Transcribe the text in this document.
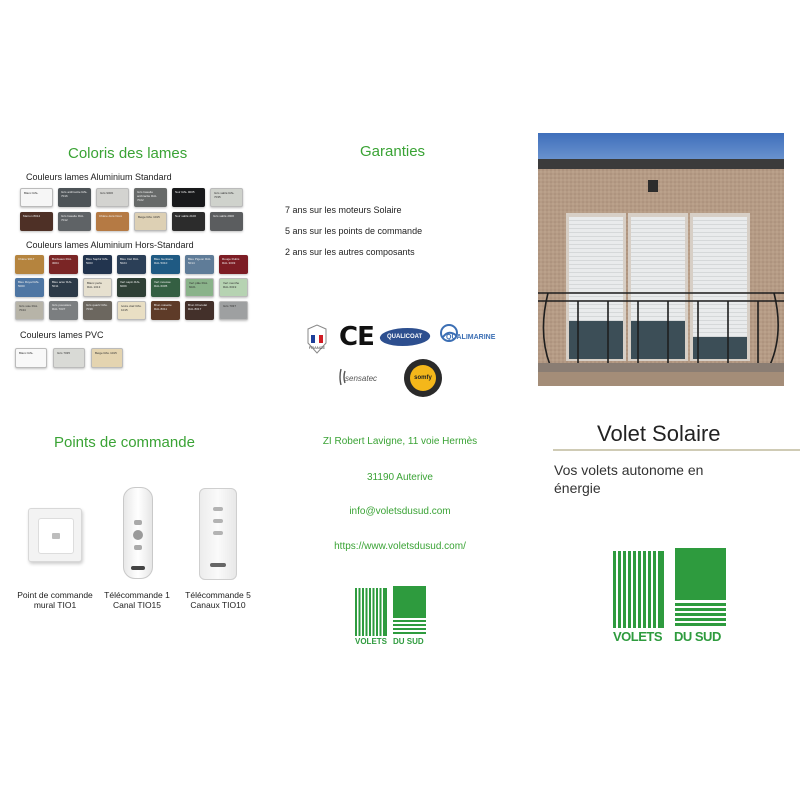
Coloris des lames
Couleurs lames Aluminium Standard
Blanc RAL	Gris anthracite RAL 7016
Gris 9006	Gris basalte anthracite RAL 7022
Noir RAL 9005	Gris sablé RAL 7035
Marron 8014	Gris basalte RAL 7012
Chêne doré Doré	Beige RAL 1015	Noir sablé 2100	Gris sablé 2900
Couleurs lames Aluminium Hors-Standard
Chêne 9017	Bordeaux RAL 3004
Bleu Saphir RAL 5003
Bleu Ciel RAL 5024
Bleu Gentiane RAL 5010
Bleu Pigeon RAL 5014
Rouge Rubis RAL 3003
Bleu Royal RAL 5000
Bleu acier RAL 5011
Blanc perle RAL 1013
Vert sapin RAL 6009
Vert mousse RAL 6005
Vert pâle RAL 6021
Vert menthe RAL 6019
Gris soie RAL 7044
Gris poussière RAL 7037
Gris quartz RAL 7039
Ivoire clair RAL 1015
Brun noisette RAL 8011
Brun Chocolat RAL 8017
Gris 7037
Couleurs lames PVC
Blanc RAL	Gris 7035	Beige RAL 1015
Garanties
7 ans sur les moteurs Solaire
5 ans sur les points de commande
2 ans sur les autres composants
FRANCE CE QUALICOAT	QUALIMARINE
sensatec	somfy
Volet Solaire
Vos volets autonome en énergie
VOLETS DU SUD
Points de commande
Point de commande mural TIO1
Télécommande 1 Canal TIO15
Télécommande 5 Canaux TIO10
ZI Robert Lavigne, 11 voie Hermès
31190 Auterive
info@voletsdusud.com
https://www.voletsdusud.com/
VOLETS DU SUD
